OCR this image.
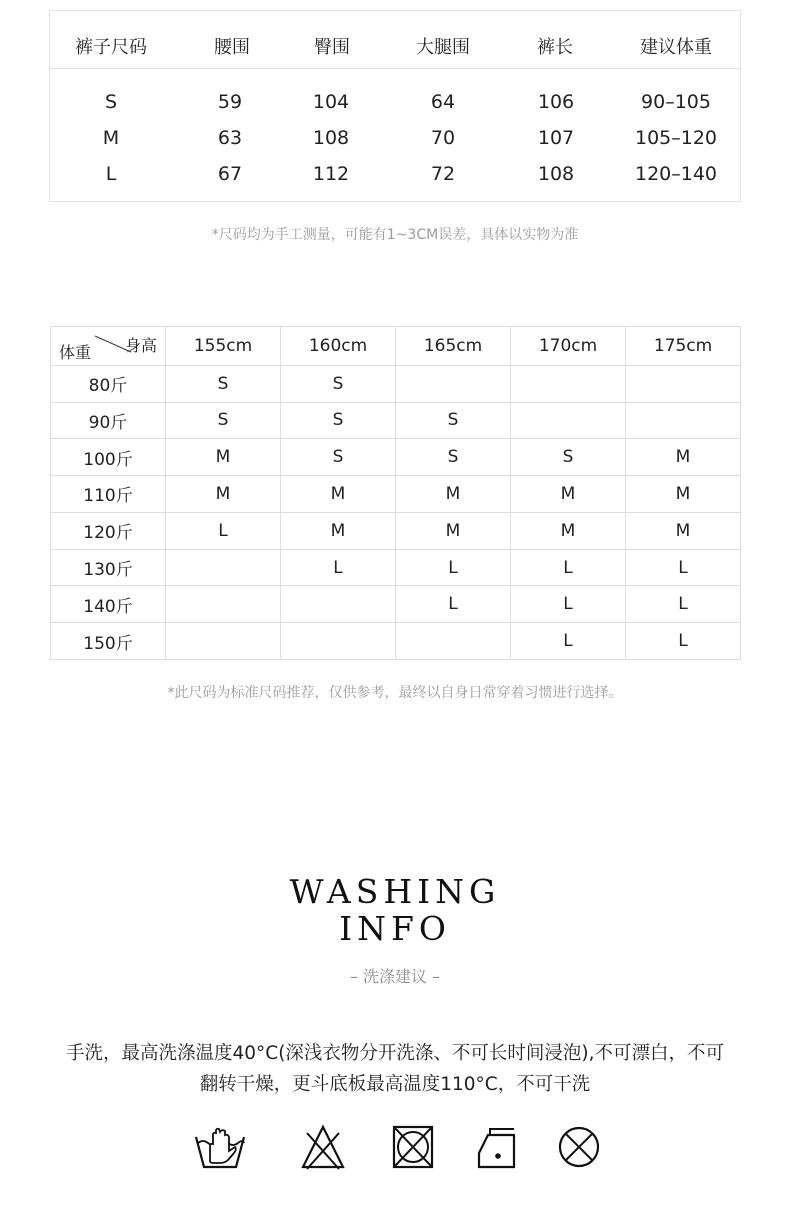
裤子尺码	腰围	臀围	大腿围	裤长	建议体重
S	59	104	64	106	90–105
M	63	108	70	107	105–120
L	67	112	72	108	120–140
*尺码均为手工测量，可能有1~3CM误差，具体以实物为准
身高
体重	155cm	160cm	165cm	170cm	175cm
80斤	S	S			
90斤	S	S	S		
100斤	M	S	S	S	M
110斤	M	M	M	M	M
120斤	L	M	M	M	M
130斤		L	L	L	L
140斤			L	L	L
150斤				L	L
*此尺码为标准尺码推荐，仅供参考，最终以自身日常穿着习惯进行选择。
WASHING
INFO
– 洗涤建议 –
手洗，最高洗涤温度40°C(深浅衣物分开洗涤、不可长时间浸泡),不可漂白，不可
翻转干燥，更斗底板最高温度110°C，不可干洗
